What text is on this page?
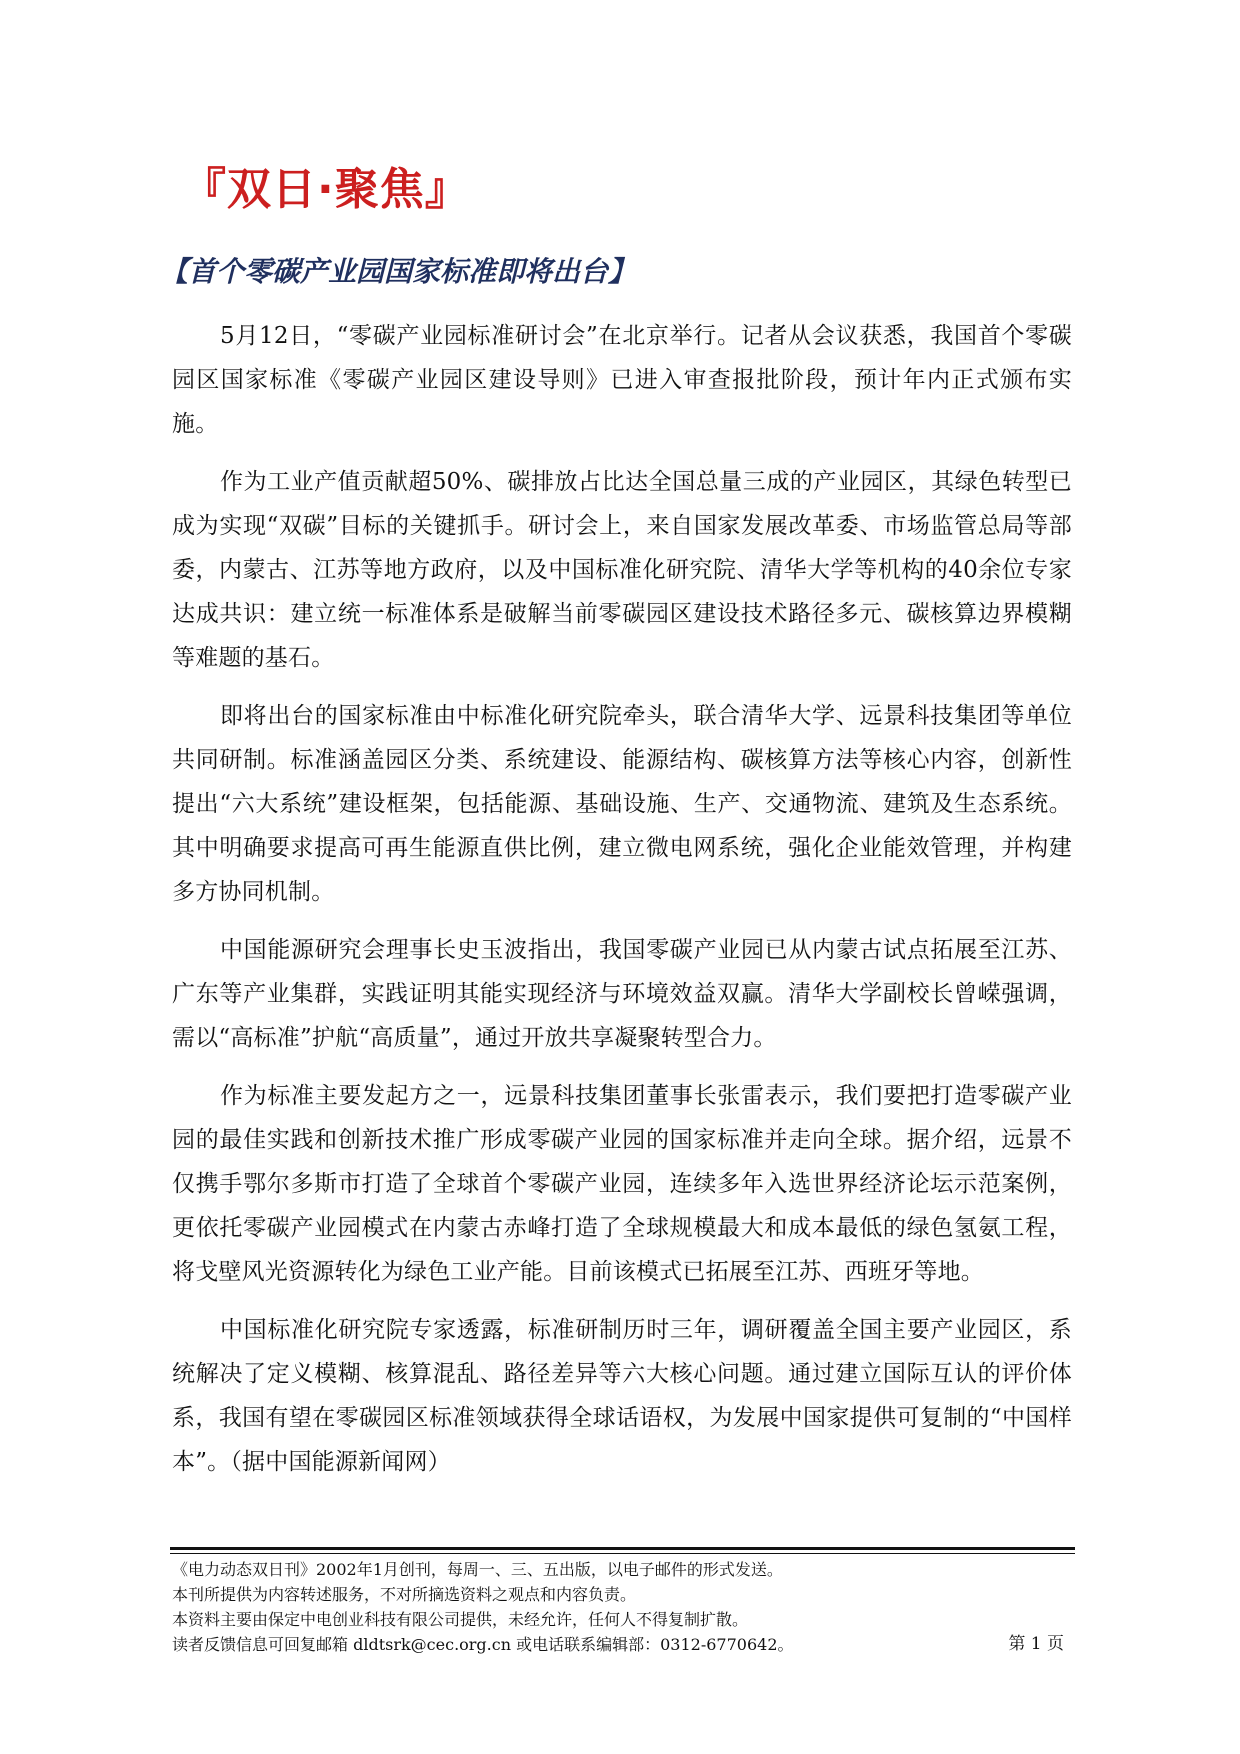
『双日·聚焦』
【首个零碳产业园国家标准即将出台】

5月12日，“零碳产业园标准研讨会”在北京举行。记者从会议获悉，我国首个零碳园区国家标准《零碳产业园区建设导则》已进入审查报批阶段，预计年内正式颁布实施。

作为工业产值贡献超50%、碳排放占比达全国总量三成的产业园区，其绿色转型已成为实现“双碳”目标的关键抓手。研讨会上，来自国家发展改革委、市场监管总局等部委，内蒙古、江苏等地方政府，以及中国标准化研究院、清华大学等机构的40余位专家达成共识：建立统一标准体系是破解当前零碳园区建设技术路径多元、碳核算边界模糊等难题的基石。

即将出台的国家标准由中标准化研究院牵头，联合清华大学、远景科技集团等单位共同研制。标准涵盖园区分类、系统建设、能源结构、碳核算方法等核心内容，创新性提出“六大系统”建设框架，包括能源、基础设施、生产、交通物流、建筑及生态系统。其中明确要求提高可再生能源直供比例，建立微电网系统，强化企业能效管理，并构建多方协同机制。

中国能源研究会理事长史玉波指出，我国零碳产业园已从内蒙古试点拓展至江苏、广东等产业集群，实践证明其能实现经济与环境效益双赢。清华大学副校长曾嵘强调，需以“高标准”护航“高质量”，通过开放共享凝聚转型合力。

作为标准主要发起方之一，远景科技集团董事长张雷表示，我们要把打造零碳产业园的最佳实践和创新技术推广形成零碳产业园的国家标准并走向全球。据介绍，远景不仅携手鄂尔多斯市打造了全球首个零碳产业园，连续多年入选世界经济论坛示范案例，更依托零碳产业园模式在内蒙古赤峰打造了全球规模最大和成本最低的绿色氢氨工程，将戈壁风光资源转化为绿色工业产能。目前该模式已拓展至江苏、西班牙等地。

中国标准化研究院专家透露，标准研制历时三年，调研覆盖全国主要产业园区，系统解决了定义模糊、核算混乱、路径差异等六大核心问题。通过建立国际互认的评价体系，我国有望在零碳园区标准领域获得全球话语权，为发展中国家提供可复制的“中国样本”。（据中国能源新闻网）

《电力动态双日刊》2002年1月创刊，每周一、三、五出版，以电子邮件的形式发送。
本刊所提供为内容转述服务，不对所摘选资料之观点和内容负责。
本资料主要由保定中电创业科技有限公司提供，未经允许，任何人不得复制扩散。
读者反馈信息可回复邮箱 dldtsrk@cec.org.cn 或电话联系编辑部：0312-6770642。	第 1 页
